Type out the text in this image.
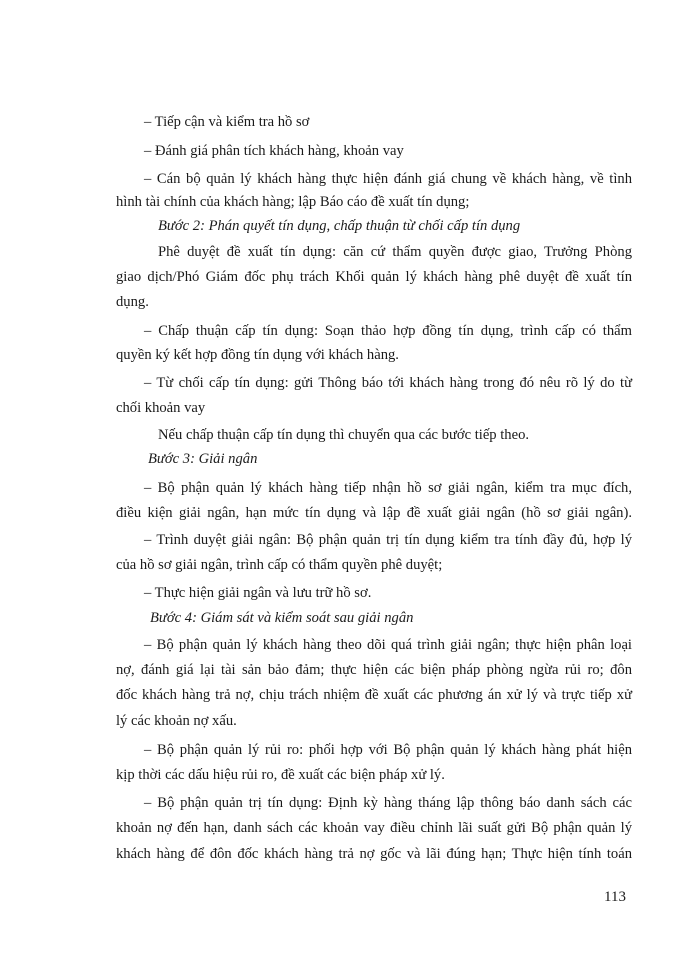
– Tiếp cận và kiểm tra hồ sơ

– Đánh giá phân tích khách hàng, khoản vay

– Cán bộ quản lý khách hàng thực hiện đánh giá chung về khách hàng, về tình

hình tài chính của khách hàng; lập Báo cáo đề xuất tín dụng;

Bước 2: Phán quyết tín dụng, chấp thuận từ chối cấp tín dụng

Phê duyệt đề xuất tín dụng: căn cứ thẩm quyền được giao, Trưởng Phòng

giao dịch/Phó Giám đốc phụ trách Khối quản lý khách hàng phê duyệt đề xuất tín

dụng.

– Chấp thuận cấp tín dụng: Soạn thảo hợp đồng tín dụng, trình cấp có thẩm

quyền ký kết hợp đồng tín dụng với khách hàng.

– Từ chối cấp tín dụng: gửi Thông báo tới khách hàng trong đó nêu rõ lý do từ

chối khoản vay

Nếu chấp thuận cấp tín dụng thì chuyển qua các bước tiếp theo.

Bước 3: Giải ngân

– Bộ phận quản lý khách hàng tiếp nhận hồ sơ giải ngân, kiểm tra mục đích,

điều kiện giải ngân, hạn mức tín dụng và lập đề xuất giải ngân (hồ sơ giải ngân).

– Trình duyệt giải ngân: Bộ phận quản trị tín dụng kiểm tra tính đầy đủ, hợp lý

của hồ sơ giải ngân, trình cấp có thẩm quyền phê duyệt;

– Thực hiện giải ngân và lưu trữ hồ sơ.

Bước 4: Giám sát và kiểm soát sau giải ngân

– Bộ phận quản lý khách hàng theo dõi quá trình giải ngân; thực hiện phân loại

nợ, đánh giá lại tài sản bảo đảm; thực hiện các biện pháp phòng ngừa rủi ro; đôn

đốc khách hàng trả nợ, chịu trách nhiệm đề xuất các phương án xử lý và trực tiếp xử

lý các khoản nợ xấu.

– Bộ phận quản lý rủi ro: phối hợp với Bộ phận quản lý khách hàng phát hiện

kịp thời các dấu hiệu rủi ro, đề xuất các biện pháp xử lý.

– Bộ phận quản trị tín dụng: Định kỳ hàng tháng lập thông báo danh sách các

khoản nợ đến hạn, danh sách các khoản vay điều chỉnh lãi suất gửi Bộ phận quản lý

khách hàng để đôn đốc khách hàng trả nợ gốc và lãi đúng hạn; Thực hiện tính toán

113
